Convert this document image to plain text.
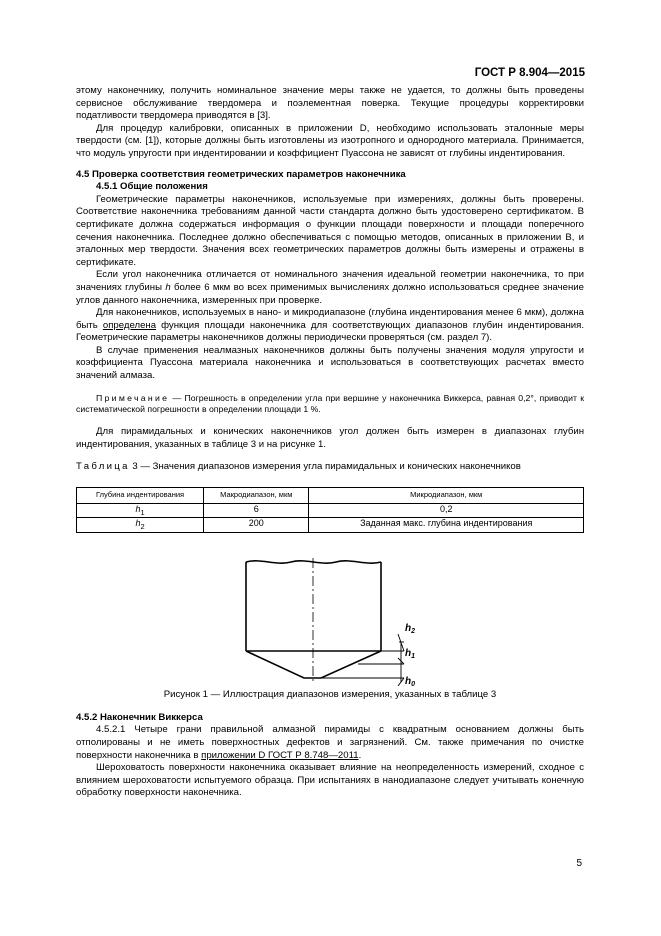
ГОСТ Р 8.904—2015

этому наконечнику, получить номинальное значение меры также не удается, то должны быть проведены сервисное обслуживание твердомера и поэлементная поверка. Текущие процедуры корректировки податливости твердомера приводятся в [3].

Для процедур калибровки, описанных в приложении D, необходимо использовать эталонные меры твердости (см. [1]), которые должны быть изготовлены из изотропного и однородного материала. Принимается, что модуль упругости при индентировании и коэффициент Пуассона не зависят от глубины индентирования.

4.5 Проверка соответствия геометрических параметров наконечника

4.5.1 Общие положения

Геометрические параметры наконечников, используемые при измерениях, должны быть проверены. Соответствие наконечника требованиям данной части стандарта должно быть удостоверено сертификатом. В сертификате должна содержаться информация о функции площади поверхности и площади поперечного сечения наконечника. Последнее должно обеспечиваться с помощью методов, описанных в приложении B, и эталонных мер твердости. Значения всех геометрических параметров должны быть измерены и отражены в сертификате.

Если угол наконечника отличается от номинального значения идеальной геометрии наконечника, то при значениях глубины h более 6 мкм во всех применимых вычислениях должно использоваться среднее значение углов данного наконечника, измеренных при проверке.

Для наконечников, используемых в нано- и микродиапазоне (глубина индентирования менее 6 мкм), должна быть определена функция площади наконечника для соответствующих диапазонов глубин индентирования. Геометрические параметры наконечников должны периодически проверяться (см. раздел 7).

В случае применения неалмазных наконечников должны быть получены значения модуля упругости и коэффициента Пуассона материала наконечника и использоваться в соответствующих расчетах вместо значений алмаза.

Примечание — Погрешность в определении угла при вершине у наконечника Виккерса, равная 0,2°, приводит к систематической погрешности в определении площади 1 %.

Для пирамидальных и конических наконечников угол должен быть измерен в диапазонах глубин индентирования, указанных в таблице 3 и на рисунке 1.

Таблица 3 — Значения диапазонов измерения угла пирамидальных и конических наконечников

Глубина индентирования	Макродиапазон, мкм	Микродиапазон, мкм
$h_1$	6	0,2
$h_2$	200	Заданная макс. глубина индентирования
$h_2$
$h_1$
$h_0$

Рисунок 1 — Иллюстрация диапазонов измерения, указанных в таблице 3

4.5.2 Наконечник Виккерса

4.5.2.1 Четыре грани правильной алмазной пирамиды с квадратным основанием должны быть отполированы и не иметь поверхностных дефектов и загрязнений. См. также примечания по очистке поверхности наконечника в приложении D ГОСТ Р 8.748—2011.

Шероховатость поверхности наконечника оказывает влияние на неопределенность измерений, сходное с влиянием шероховатости испытуемого образца. При испытаниях в нанодиапазоне следует учитывать конечную обработку поверхности наконечника.

5
